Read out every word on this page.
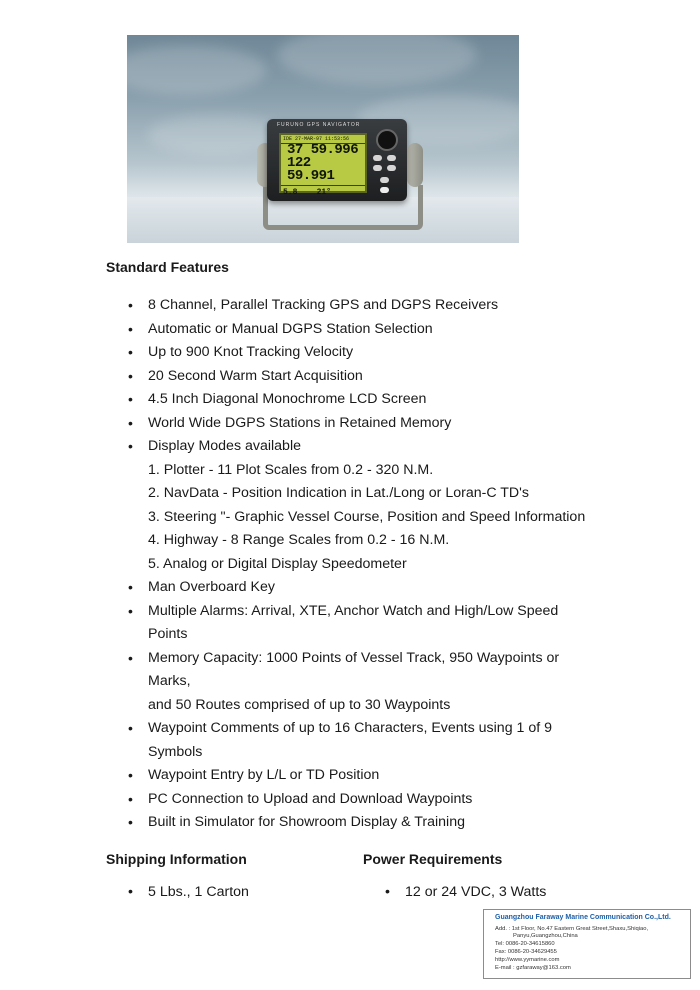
FURUNO GPS NAVIGATOR
IDE 27-MAR-97 11:53:56
37 59.996
122 59.991
5.8 21°
Standard Features
• 8 Channel, Parallel Tracking GPS and DGPS Receivers
• Automatic or Manual DGPS Station Selection
• Up to 900 Knot Tracking Velocity
• 20 Second Warm Start Acquisition
• 4.5 Inch Diagonal Monochrome LCD Screen
• World Wide DGPS Stations in Retained Memory
• Display Modes available
1. Plotter - 11 Plot Scales from 0.2 - 320 N.M.
2. NavData - Position Indication in Lat./Long or Loran-C TD's
3. Steering "- Graphic Vessel Course, Position and Speed Information
4. Highway - 8 Range Scales from 0.2 - 16 N.M.
5. Analog or Digital Display Speedometer
• Man Overboard Key
• Multiple Alarms: Arrival, XTE, Anchor Watch and High/Low Speed
Points
• Memory Capacity: 1000 Points of Vessel Track, 950 Waypoints or
Marks,
and 50 Routes comprised of up to 30 Waypoints
• Waypoint Comments of up to 16 Characters, Events using 1 of 9
Symbols
• Waypoint Entry by L/L or TD Position
• PC Connection to Upload and Download Waypoints
• Built in Simulator for Showroom Display & Training
Shipping Information	Power Requirements
• 5 Lbs., 1 Carton
•	12 or 24 VDC, 3 Watts
Guangzhou Faraway Marine Communication Co.,Ltd.
Add. : 1st Floor, No.47 Eastern Great Street,Shaxu,Shiqiao,
Panyu,Guangzhou,China
Tel: 0086-20-34615860
Fax: 0086-20-34629455
http://www.yymarine.com
E-mail : gzfaraway@163.com
